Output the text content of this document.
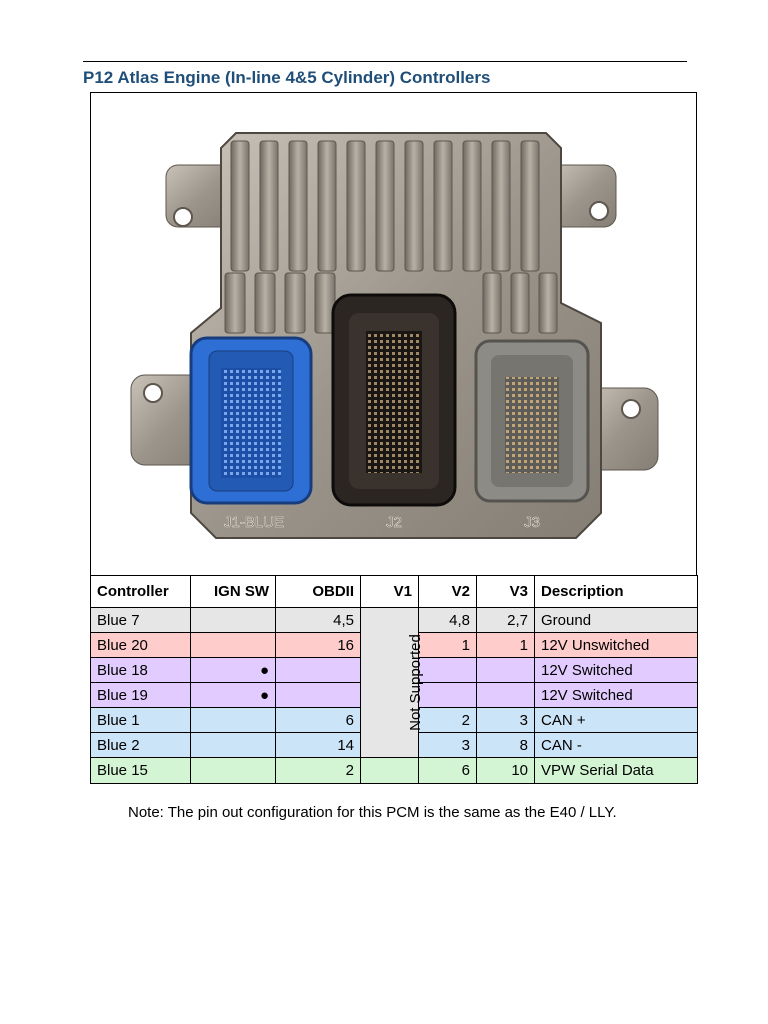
P12 Atlas Engine (In-line 4&5 Cylinder) Controllers
J1-BLUE	J2	J3
Controller	IGN SW	OBDII	V1	V2	V3	Description
Blue 7		4,5	Not Supported	4,8	2,7	Ground
Blue 20		16		1	1	12V Unswitched
Blue 18	●					12V Switched
Blue 19	●					12V Switched
Blue 1		6		2	3	CAN +
Blue 2		14		3	8	CAN -
Blue 15		2		6	10	VPW Serial Data
Note: The pin out configuration for this PCM is the same as the E40 / LLY.
